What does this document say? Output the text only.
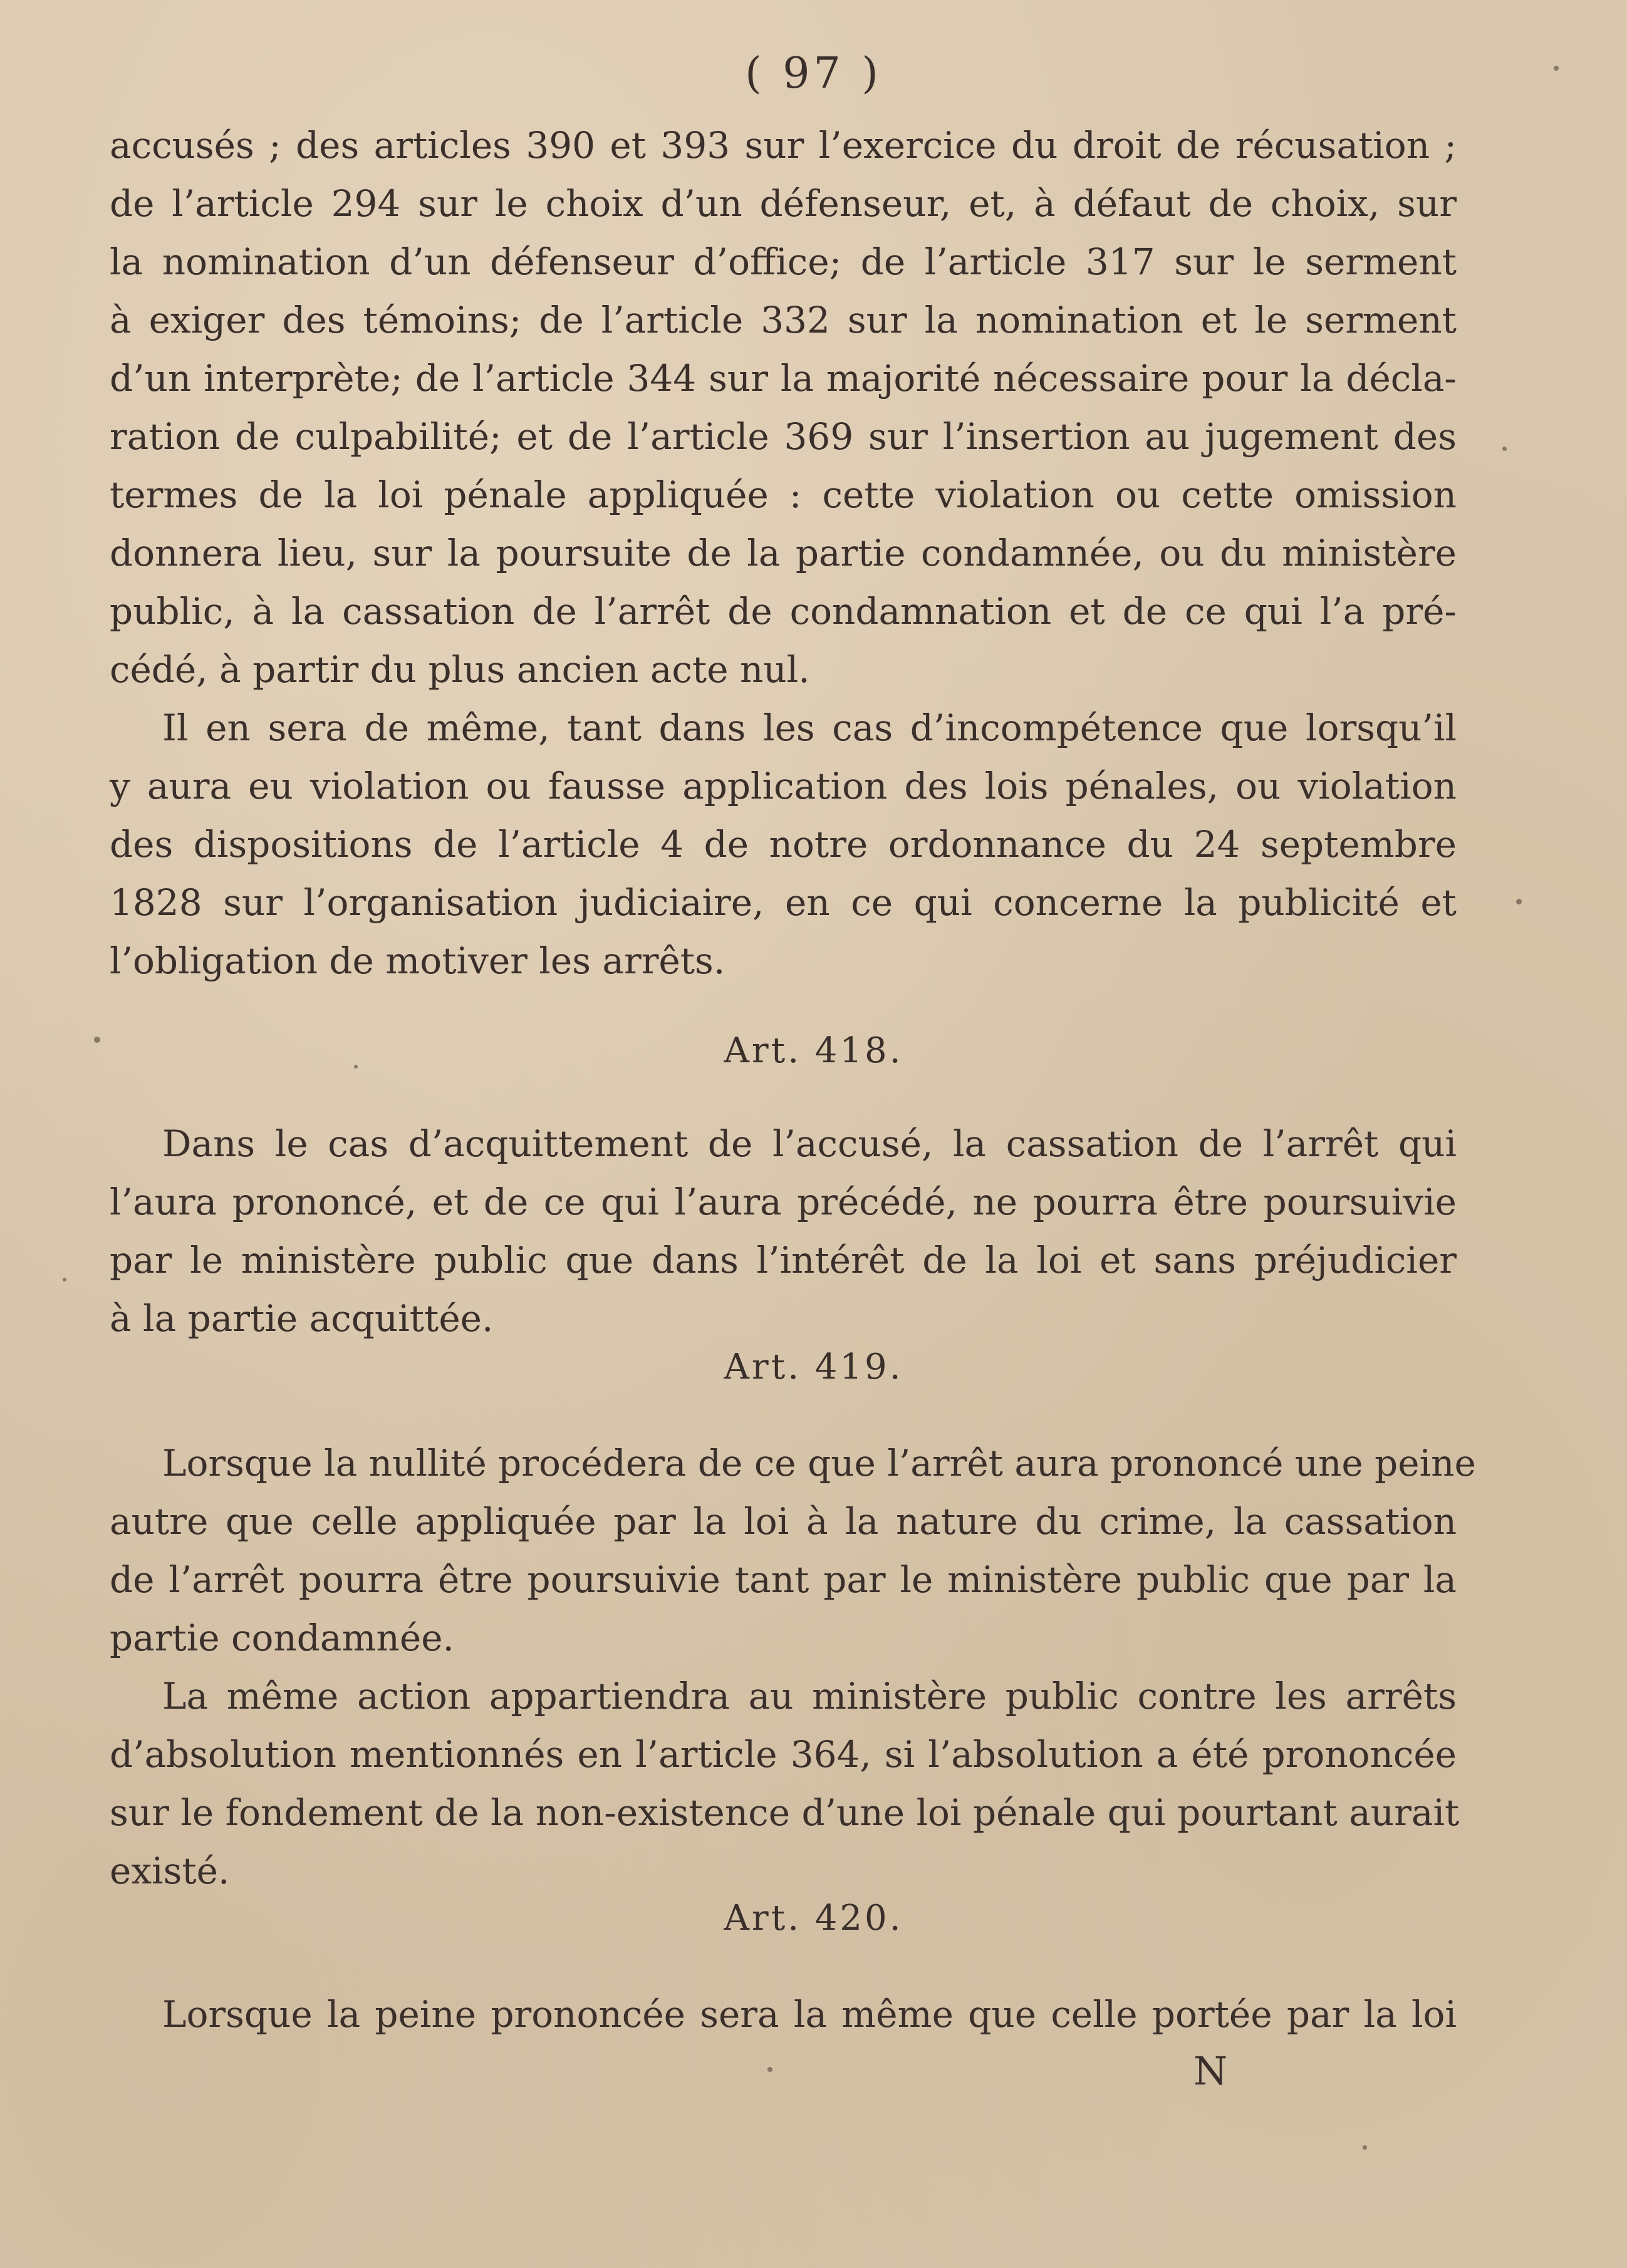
( 97 )
accusés ; des articles 390 et 393 sur l’exercice du droit de récusation ;
de l’article 294 sur le choix d’un défenseur, et, à défaut de choix, sur
la nomination d’un défenseur d’office; de l’article 317 sur le serment
à exiger des témoins; de l’article 332 sur la nomination et le serment
d’un interprète; de l’article 344 sur la majorité nécessaire pour la décla-
ration de culpabilité; et de l’article 369 sur l’insertion au jugement des
termes de la loi pénale appliquée : cette violation ou cette omission
donnera lieu, sur la poursuite de la partie condamnée, ou du ministère
public, à la cassation de l’arrêt de condamnation et de ce qui l’a pré-
cédé, à partir du plus ancien acte nul.
Il en sera de même, tant dans les cas d’incompétence que lorsqu’il
y aura eu violation ou fausse application des lois pénales, ou violation
des dispositions de l’article 4 de notre ordonnance du 24 septembre
1828 sur l’organisation judiciaire, en ce qui concerne la publicité et
l’obligation de motiver les arrêts.
Art. 418.
Dans le cas d’acquittement de l’accusé, la cassation de l’arrêt qui
l’aura prononcé, et de ce qui l’aura précédé, ne pourra être poursuivie
par le ministère public que dans l’intérêt de la loi et sans préjudicier
à la partie acquittée.
Art. 419.
Lorsque la nullité procédera de ce que l’arrêt aura prononcé une peine
autre que celle appliquée par la loi à la nature du crime, la cassation
de l’arrêt pourra être poursuivie tant par le ministère public que par la
partie condamnée.
La même action appartiendra au ministère public contre les arrêts
d’absolution mentionnés en l’article 364, si l’absolution a été prononcée
sur le fondement de la non-existence d’une loi pénale qui pourtant aurait
existé.
Art. 420.
Lorsque la peine prononcée sera la même que celle portée par la loi
N
